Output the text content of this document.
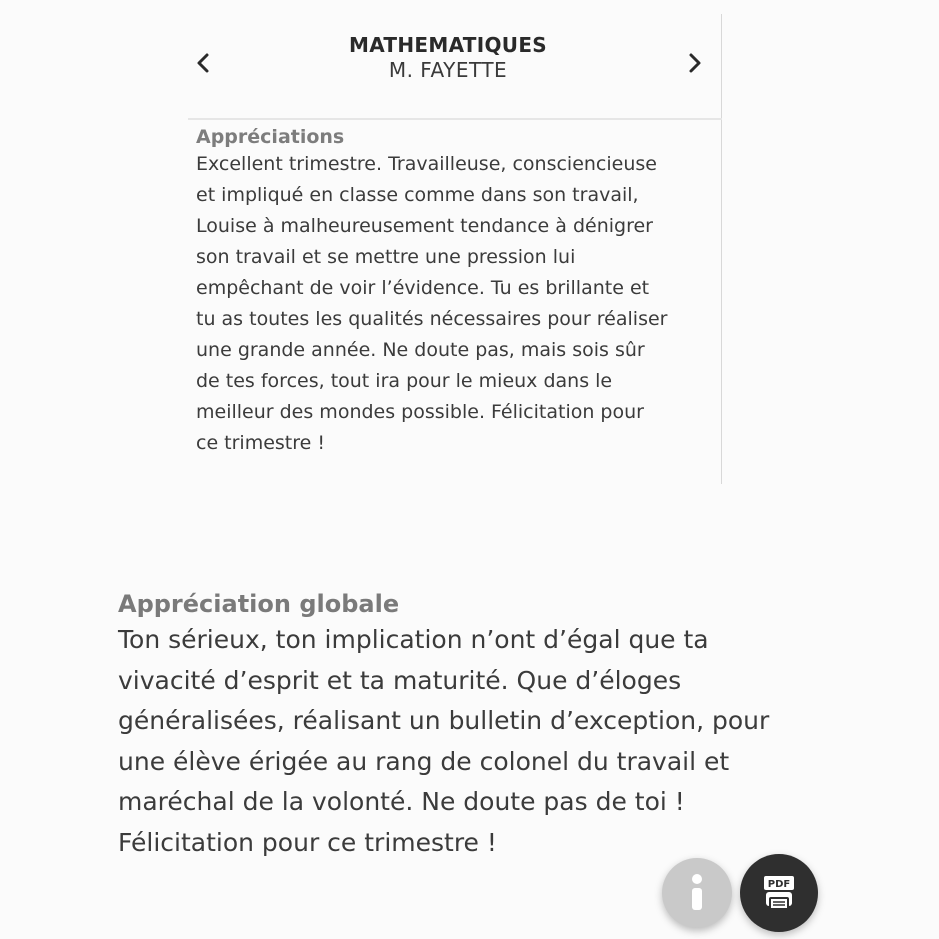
MATHEMATIQUES
M. FAYETTE
Appréciations
Excellent trimestre. Travailleuse, consciencieuse
et impliqué en classe comme dans son travail,
Louise à malheureusement tendance à dénigrer
son travail et se mettre une pression lui
empêchant de voir l’évidence. Tu es brillante et
tu as toutes les qualités nécessaires pour réaliser
une grande année. Ne doute pas, mais sois sûr
de tes forces, tout ira pour le mieux dans le
meilleur des mondes possible. Félicitation pour
ce trimestre !
Appréciation globale
Ton sérieux, ton implication n’ont d’égal que ta
vivacité d’esprit et ta maturité. Que d’éloges
généralisées, réalisant un bulletin d’exception, pour
une élève érigée au rang de colonel du travail et
maréchal de la volonté. Ne doute pas de toi !
Félicitation pour ce trimestre !
PDF
